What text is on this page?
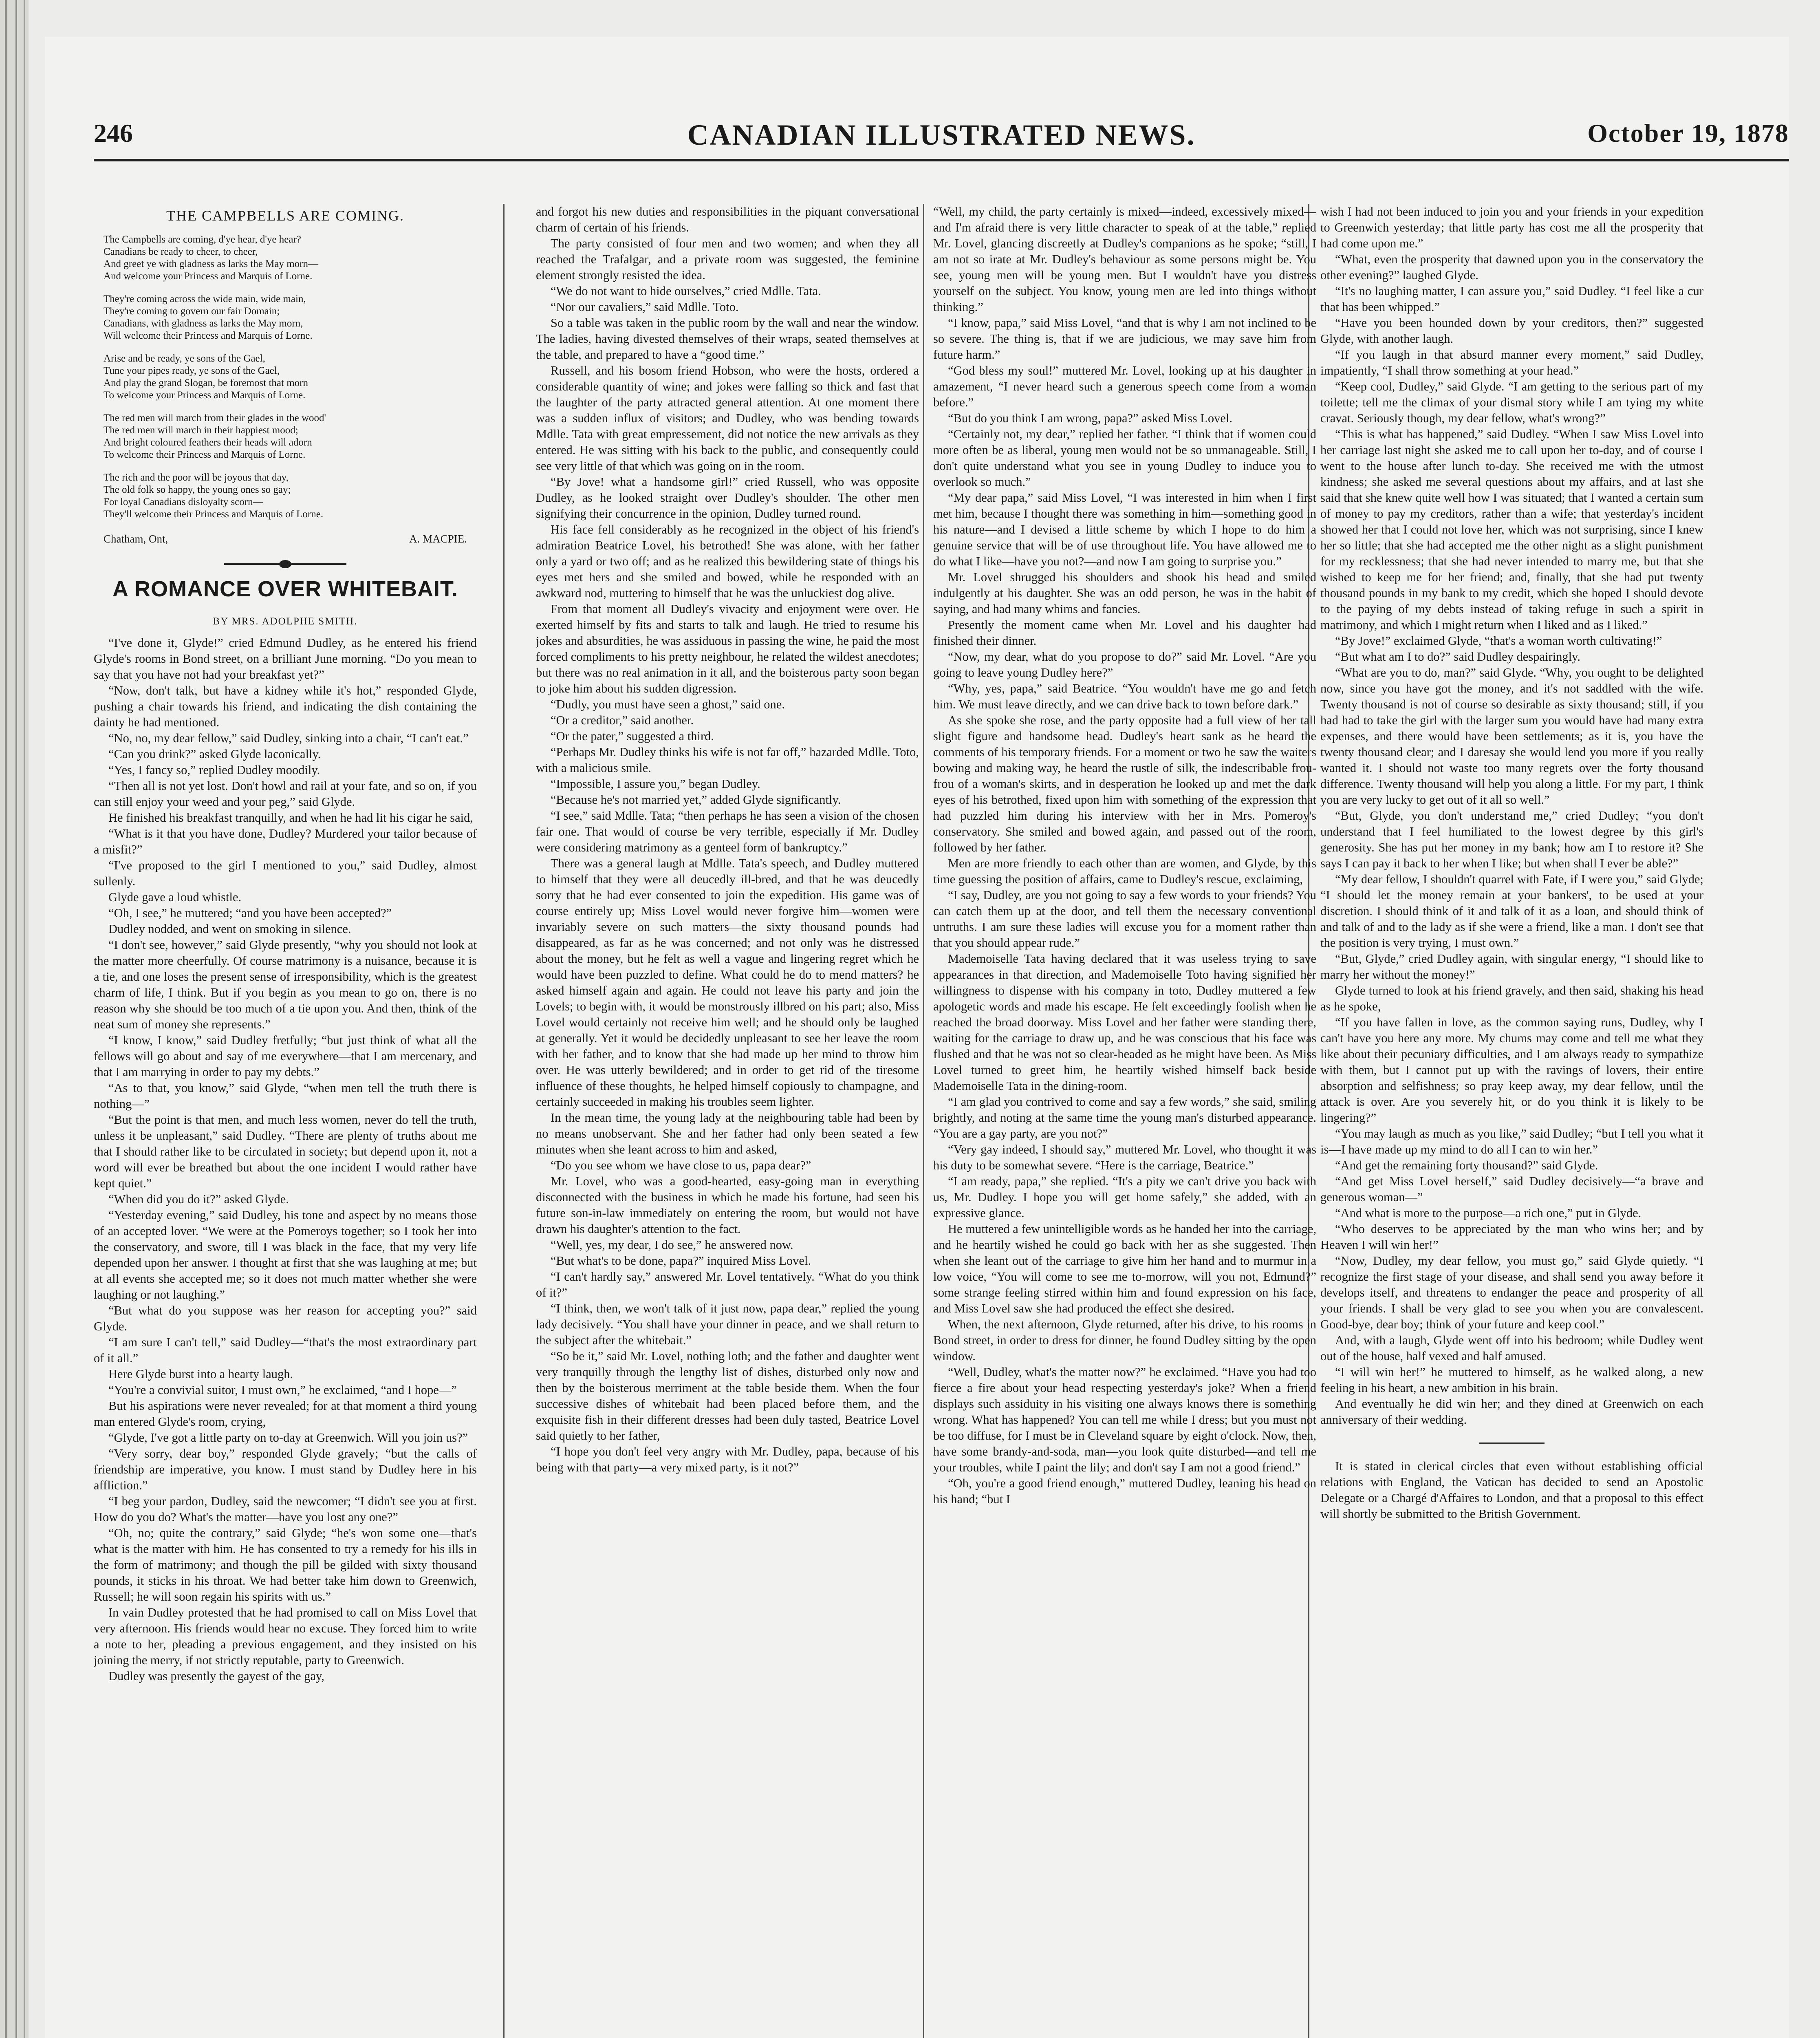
246	CANADIAN ILLUSTRATED NEWS.	October 19, 1878
THE CAMPBELLS ARE COMING.
The Campbells are coming, d'ye hear, d'ye hear?
Canadians be ready to cheer, to cheer,
And greet ye with gladness as larks the May morn—
And welcome your Princess and Marquis of Lorne.
They're coming across the wide main, wide main,
They're coming to govern our fair Domain;
Canadians, with gladness as larks the May morn,
Will welcome their Princess and Marquis of Lorne.
Arise and be ready, ye sons of the Gael,
Tune your pipes ready, ye sons of the Gael,
And play the grand Slogan, be foremost that morn
To welcome your Princess and Marquis of Lorne.
The red men will march from their glades in the wood'
The red men will march in their happiest mood;
And bright coloured feathers their heads will adorn
To welcome their Princess and Marquis of Lorne.
The rich and the poor will be joyous that day,
The old folk so happy, the young ones so gay;
For loyal Canadians disloyalty scorn—
They'll welcome their Princess and Marquis of Lorne.
Chatham, Ont,	A. MACPIE.
A ROMANCE OVER WHITEBAIT.
BY MRS. ADOLPHE SMITH.

“I've done it, Glyde!” cried Edmund Dudley, as he entered his friend Glyde's rooms in Bond street, on a brilliant June morning. “Do you mean to say that you have not had your breakfast yet?”

“Now, don't talk, but have a kidney while it's hot,” responded Glyde, pushing a chair towards his friend, and indicating the dish containing the dainty he had mentioned.

“No, no, my dear fellow,” said Dudley, sinking into a chair, “I can't eat.”

“Can you drink?” asked Glyde laconically.

“Yes, I fancy so,” replied Dudley moodily.

“Then all is not yet lost. Don't howl and rail at your fate, and so on, if you can still enjoy your weed and your peg,” said Glyde.

He finished his breakfast tranquilly, and when he had lit his cigar he said,

“What is it that you have done, Dudley? Murdered your tailor because of a misfit?”

“I've proposed to the girl I mentioned to you,” said Dudley, almost sullenly.

Glyde gave a loud whistle.

“Oh, I see,” he muttered; “and you have been accepted?”

Dudley nodded, and went on smoking in silence.

“I don't see, however,” said Glyde presently, “why you should not look at the matter more cheerfully. Of course matrimony is a nuisance, because it is a tie, and one loses the present sense of irresponsibility, which is the greatest charm of life, I think. But if you begin as you mean to go on, there is no reason why she should be too much of a tie upon you. And then, think of the neat sum of money she represents.”

“I know, I know,” said Dudley fretfully; “but just think of what all the fellows will go about and say of me everywhere—that I am mercenary, and that I am marrying in order to pay my debts.”

“As to that, you know,” said Glyde, “when men tell the truth there is nothing—”

“But the point is that men, and much less women, never do tell the truth, unless it be unpleasant,” said Dudley. “There are plenty of truths about me that I should rather like to be circulated in society; but depend upon it, not a word will ever be breathed but about the one incident I would rather have kept quiet.”

“When did you do it?” asked Glyde.

“Yesterday evening,” said Dudley, his tone and aspect by no means those of an accepted lover. “We were at the Pomeroys together; so I took her into the conservatory, and swore, till I was black in the face, that my very life depended upon her answer. I thought at first that she was laughing at me; but at all events she accepted me; so it does not much matter whether she were laughing or not laughing.”

“But what do you suppose was her reason for accepting you?” said Glyde.

“I am sure I can't tell,” said Dudley—“that's the most extraordinary part of it all.”

Here Glyde burst into a hearty laugh.

“You're a convivial suitor, I must own,” he exclaimed, “and I hope—”

But his aspirations were never revealed; for at that moment a third young man entered Glyde's room, crying,

“Glyde, I've got a little party on to-day at Greenwich. Will you join us?”

“Very sorry, dear boy,” responded Glyde gravely; “but the calls of friendship are imperative, you know. I must stand by Dudley here in his affliction.”

“I beg your pardon, Dudley, said the newcomer; “I didn't see you at first. How do you do? What's the matter—have you lost any one?”

“Oh, no; quite the contrary,” said Glyde; “he's won some one—that's what is the matter with him. He has consented to try a remedy for his ills in the form of matrimony; and though the pill be gilded with sixty thousand pounds, it sticks in his throat. We had better take him down to Greenwich, Russell; he will soon regain his spirits with us.”

In vain Dudley protested that he had promised to call on Miss Lovel that very afternoon. His friends would hear no excuse. They forced him to write a note to her, pleading a previous engagement, and they insisted on his joining the merry, if not strictly reputable, party to Greenwich.

Dudley was presently the gayest of the gay,

and forgot his new duties and responsibilities in the piquant conversational charm of certain of his friends.

The party consisted of four men and two women; and when they all reached the Trafalgar, and a private room was suggested, the feminine element strongly resisted the idea.

“We do not want to hide ourselves,” cried Mdlle. Tata.

“Nor our cavaliers,” said Mdlle. Toto.

So a table was taken in the public room by the wall and near the window. The ladies, having divested themselves of their wraps, seated themselves at the table, and prepared to have a “good time.”

Russell, and his bosom friend Hobson, who were the hosts, ordered a considerable quantity of wine; and jokes were falling so thick and fast that the laughter of the party attracted general attention. At one moment there was a sudden influx of visitors; and Dudley, who was bending towards Mdlle. Tata with great empressement, did not notice the new arrivals as they entered. He was sitting with his back to the public, and consequently could see very little of that which was going on in the room.

“By Jove! what a handsome girl!” cried Russell, who was opposite Dudley, as he looked straight over Dudley's shoulder. The other men signifying their concurrence in the opinion, Dudley turned round.

His face fell considerably as he recognized in the object of his friend's admiration Beatrice Lovel, his betrothed! She was alone, with her father only a yard or two off; and as he realized this bewildering state of things his eyes met hers and she smiled and bowed, while he responded with an awkward nod, muttering to himself that he was the unluckiest dog alive.

From that moment all Dudley's vivacity and enjoyment were over. He exerted himself by fits and starts to talk and laugh. He tried to resume his jokes and absurdities, he was assiduous in passing the wine, he paid the most forced compliments to his pretty neighbour, he related the wildest anecdotes; but there was no real animation in it all, and the boisterous party soon began to joke him about his sudden digression.

“Dudly, you must have seen a ghost,” said one.

“Or a creditor,” said another.

“Or the pater,” suggested a third.

“Perhaps Mr. Dudley thinks his wife is not far off,” hazarded Mdlle. Toto, with a malicious smile.

“Impossible, I assure you,” began Dudley.

“Because he's not married yet,” added Glyde significantly.

“I see,” said Mdlle. Tata; “then perhaps he has seen a vision of the chosen fair one. That would of course be very terrible, especially if Mr. Dudley were considering matrimony as a genteel form of bankruptcy.”

There was a general laugh at Mdlle. Tata's speech, and Dudley muttered to himself that they were all deucedly ill-bred, and that he was deucedly sorry that he had ever consented to join the expedition. His game was of course entirely up; Miss Lovel would never forgive him—women were invariably severe on such matters—the sixty thousand pounds had disappeared, as far as he was concerned; and not only was he distressed about the money, but he felt as well a vague and lingering regret which he would have been puzzled to define. What could he do to mend matters? he asked himself again and again. He could not leave his party and join the Lovels; to begin with, it would be monstrously illbred on his part; also, Miss Lovel would certainly not receive him well; and he should only be laughed at generally. Yet it would be decidedly unpleasant to see her leave the room with her father, and to know that she had made up her mind to throw him over. He was utterly bewildered; and in order to get rid of the tiresome influence of these thoughts, he helped himself copiously to champagne, and certainly succeeded in making his troubles seem lighter.

In the mean time, the young lady at the neighbouring table had been by no means unobservant. She and her father had only been seated a few minutes when she leant across to him and asked,

“Do you see whom we have close to us, papa dear?”

Mr. Lovel, who was a good-hearted, easy-going man in everything disconnected with the business in which he made his fortune, had seen his future son-in-law immediately on entering the room, but would not have drawn his daughter's attention to the fact.

“Well, yes, my dear, I do see,” he answered now.

“But what's to be done, papa?” inquired Miss Lovel.

“I can't hardly say,” answered Mr. Lovel tentatively. “What do you think of it?”

“I think, then, we won't talk of it just now, papa dear,” replied the young lady decisively. “You shall have your dinner in peace, and we shall return to the subject after the whitebait.”

“So be it,” said Mr. Lovel, nothing loth; and the father and daughter went very tranquilly through the lengthy list of dishes, disturbed only now and then by the boisterous merriment at the table beside them. When the four successive dishes of whitebait had been placed before them, and the exquisite fish in their different dresses had been duly tasted, Beatrice Lovel said quietly to her father,

“I hope you don't feel very angry with Mr. Dudley, papa, because of his being with that party—a very mixed party, is it not?”

“Well, my child, the party certainly is mixed—indeed, excessively mixed—and I'm afraid there is very little character to speak of at the table,” replied Mr. Lovel, glancing discreetly at Dudley's companions as he spoke; “still, I am not so irate at Mr. Dudley's behaviour as some persons might be. You see, young men will be young men. But I wouldn't have you distress yourself on the subject. You know, young men are led into things without thinking.”

“I know, papa,” said Miss Lovel, “and that is why I am not inclined to be so severe. The thing is, that if we are judicious, we may save him from future harm.”

“God bless my soul!” muttered Mr. Lovel, looking up at his daughter in amazement, “I never heard such a generous speech come from a woman before.”

“But do you think I am wrong, papa?” asked Miss Lovel.

“Certainly not, my dear,” replied her father. “I think that if women could more often be as liberal, young men would not be so unmanageable. Still, I don't quite understand what you see in young Dudley to induce you to overlook so much.”

“My dear papa,” said Miss Lovel, “I was interested in him when I first met him, because I thought there was something in him—something good in his nature—and I devised a little scheme by which I hope to do him a genuine service that will be of use throughout life. You have allowed me to do what I like—have you not?—and now I am going to surprise you.”

Mr. Lovel shrugged his shoulders and shook his head and smiled indulgently at his daughter. She was an odd person, he was in the habit of saying, and had many whims and fancies.

Presently the moment came when Mr. Lovel and his daughter had finished their dinner.

“Now, my dear, what do you propose to do?” said Mr. Lovel. “Are you going to leave young Dudley here?”

“Why, yes, papa,” said Beatrice. “You wouldn't have me go and fetch him. We must leave directly, and we can drive back to town before dark.”

As she spoke she rose, and the party opposite had a full view of her tall slight figure and handsome head. Dudley's heart sank as he heard the comments of his temporary friends. For a moment or two he saw the waiters bowing and making way, he heard the rustle of silk, the indescribable frou-frou of a woman's skirts, and in desperation he looked up and met the dark eyes of his betrothed, fixed upon him with something of the expression that had puzzled him during his interview with her in Mrs. Pomeroy's conservatory. She smiled and bowed again, and passed out of the room, followed by her father.

Men are more friendly to each other than are women, and Glyde, by this time guessing the position of affairs, came to Dudley's rescue, exclaiming,

“I say, Dudley, are you not going to say a few words to your friends? You can catch them up at the door, and tell them the necessary conventional untruths. I am sure these ladies will excuse you for a moment rather than that you should appear rude.”

Mademoiselle Tata having declared that it was useless trying to save appearances in that direction, and Mademoiselle Toto having signified her willingness to dispense with his company in toto, Dudley muttered a few apologetic words and made his escape. He felt exceedingly foolish when he reached the broad doorway. Miss Lovel and her father were standing there, waiting for the carriage to draw up, and he was conscious that his face was flushed and that he was not so clear-headed as he might have been. As Miss Lovel turned to greet him, he heartily wished himself back beside Mademoiselle Tata in the dining-room.

“I am glad you contrived to come and say a few words,” she said, smiling brightly, and noting at the same time the young man's disturbed appearance. “You are a gay party, are you not?”

“Very gay indeed, I should say,” muttered Mr. Lovel, who thought it was his duty to be somewhat severe. “Here is the carriage, Beatrice.”

“I am ready, papa,” she replied. “It's a pity we can't drive you back with us, Mr. Dudley. I hope you will get home safely,” she added, with an expressive glance.

He muttered a few unintelligible words as he handed her into the carriage, and he heartily wished he could go back with her as she suggested. Then when she leant out of the carriage to give him her hand and to murmur in a low voice, “You will come to see me to-morrow, will you not, Edmund?” some strange feeling stirred within him and found expression on his face, and Miss Lovel saw she had produced the effect she desired.

When, the next afternoon, Glyde returned, after his drive, to his rooms in Bond street, in order to dress for dinner, he found Dudley sitting by the open window.

“Well, Dudley, what's the matter now?” he exclaimed. “Have you had too fierce a fire about your head respecting yesterday's joke? When a friend displays such assiduity in his visiting one always knows there is something wrong. What has happened? You can tell me while I dress; but you must not be too diffuse, for I must be in Cleveland square by eight o'clock. Now, then, have some brandy-and-soda, man—you look quite disturbed—and tell me your troubles, while I paint the lily; and don't say I am not a good friend.”

“Oh, you're a good friend enough,” muttered Dudley, leaning his head on his hand; “but I

wish I had not been induced to join you and your friends in your expedition to Greenwich yesterday; that little party has cost me all the prosperity that had come upon me.”

“What, even the prosperity that dawned upon you in the conservatory the other evening?” laughed Glyde.

“It's no laughing matter, I can assure you,” said Dudley. “I feel like a cur that has been whipped.”

“Have you been hounded down by your creditors, then?” suggested Glyde, with another laugh.

“If you laugh in that absurd manner every moment,” said Dudley, impatiently, “I shall throw something at your head.”

“Keep cool, Dudley,” said Glyde. “I am getting to the serious part of my toilette; tell me the climax of your dismal story while I am tying my white cravat. Seriously though, my dear fellow, what's wrong?”

“This is what has happened,” said Dudley. “When I saw Miss Lovel into her carriage last night she asked me to call upon her to-day, and of course I went to the house after lunch to-day. She received me with the utmost kindness; she asked me several questions about my affairs, and at last she said that she knew quite well how I was situated; that I wanted a certain sum of money to pay my creditors, rather than a wife; that yesterday's incident showed her that I could not love her, which was not surprising, since I knew her so little; that she had accepted me the other night as a slight punishment for my recklessness; that she had never intended to marry me, but that she wished to keep me for her friend; and, finally, that she had put twenty thousand pounds in my bank to my credit, which she hoped I should devote to the paying of my debts instead of taking refuge in such a spirit in matrimony, and which I might return when I liked and as I liked.”

“By Jove!” exclaimed Glyde, “that's a woman worth cultivating!”

“But what am I to do?” said Dudley despairingly.

“What are you to do, man?” said Glyde. “Why, you ought to be delighted now, since you have got the money, and it's not saddled with the wife. Twenty thousand is not of course so desirable as sixty thousand; still, if you had had to take the girl with the larger sum you would have had many extra expenses, and there would have been settlements; as it is, you have the twenty thousand clear; and I daresay she would lend you more if you really wanted it. I should not waste too many regrets over the forty thousand difference. Twenty thousand will help you along a little. For my part, I think you are very lucky to get out of it all so well.”

“But, Glyde, you don't understand me,” cried Dudley; “you don't understand that I feel humiliated to the lowest degree by this girl's generosity. She has put her money in my bank; how am I to restore it? She says I can pay it back to her when I like; but when shall I ever be able?”

“My dear fellow, I shouldn't quarrel with Fate, if I were you,” said Glyde; “I should let the money remain at your bankers', to be used at your discretion. I should think of it and talk of it as a loan, and should think of and talk of and to the lady as if she were a friend, like a man. I don't see that the position is very trying, I must own.”

“But, Glyde,” cried Dudley again, with singular energy, “I should like to marry her without the money!”

Glyde turned to look at his friend gravely, and then said, shaking his head as he spoke,

“If you have fallen in love, as the common saying runs, Dudley, why I can't have you here any more. My chums may come and tell me what they like about their pecuniary difficulties, and I am always ready to sympathize with them, but I cannot put up with the ravings of lovers, their entire absorption and selfishness; so pray keep away, my dear fellow, until the attack is over. Are you severely hit, or do you think it is likely to be lingering?”

“You may laugh as much as you like,” said Dudley; “but I tell you what it is—I have made up my mind to do all I can to win her.”

“And get the remaining forty thousand?” said Glyde.

“And get Miss Lovel herself,” said Dudley decisively—“a brave and generous woman—”

“And what is more to the purpose—a rich one,” put in Glyde.

“Who deserves to be appreciated by the man who wins her; and by Heaven I will win her!”

“Now, Dudley, my dear fellow, you must go,” said Glyde quietly. “I recognize the first stage of your disease, and shall send you away before it develops itself, and threatens to endanger the peace and prosperity of all your friends. I shall be very glad to see you when you are convalescent. Good-bye, dear boy; think of your future and keep cool.”

And, with a laugh, Glyde went off into his bedroom; while Dudley went out of the house, half vexed and half amused.

“I will win her!” he muttered to himself, as he walked along, a new feeling in his heart, a new ambition in his brain.

And eventually he did win her; and they dined at Greenwich on each anniversary of their wedding.

It is stated in clerical circles that even without establishing official relations with England, the Vatican has decided to send an Apostolic Delegate or a Chargé d'Affaires to London, and that a proposal to this effect will shortly be submitted to the British Government.
